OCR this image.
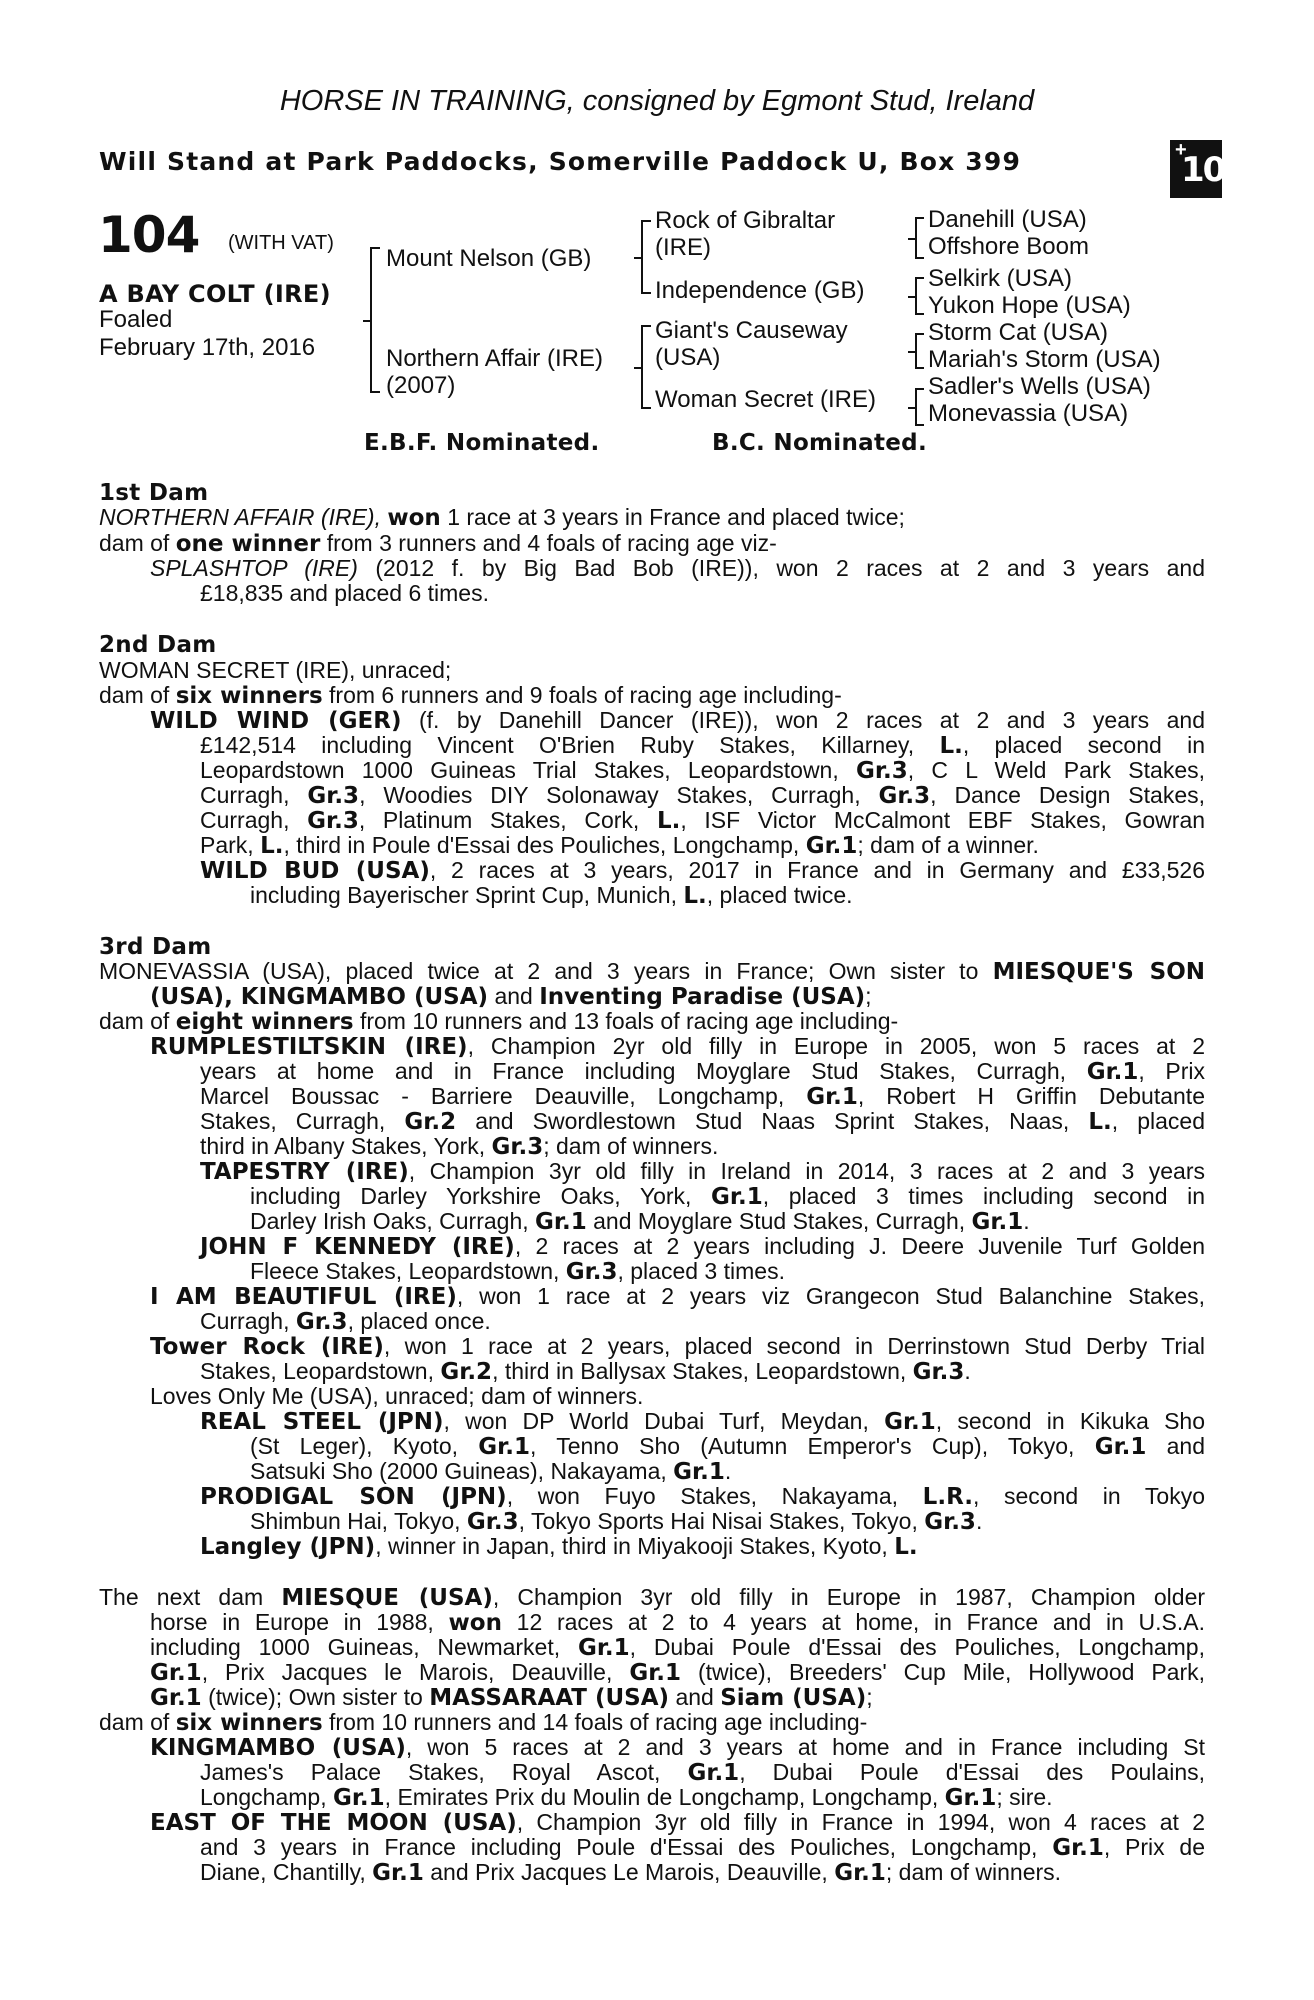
HORSE IN TRAINING, consigned by Egmont Stud, Ireland
Will Stand at Park Paddocks, Somerville Paddock U, Box 399	+
10
104 (WITH VAT)
A BAY COLT (IRE)
Foaled
February 17th, 2016
Mount Nelson (GB)
Northern Affair (IRE)
(2007)
Rock of Gibraltar
(IRE)
Independence (GB)
Giant's Causeway
(USA)
Woman Secret (IRE)
Danehill (USA)
Offshore Boom
Selkirk (USA)
Yukon Hope (USA)
Storm Cat (USA)
Mariah's Storm (USA)
Sadler's Wells (USA)
Monevassia (USA)
E.B.F. Nominated.	B.C. Nominated.
1st Dam
NORTHERN AFFAIR (IRE), won 1 race at 3 years in France and placed twice;
dam of one winner from 3 runners and 4 foals of racing age viz-
SPLASHTOP (IRE) (2012 f. by Big Bad Bob (IRE)), won 2 races at 2 and 3 years and
£18,835 and placed 6 times.
2nd Dam
WOMAN SECRET (IRE), unraced;
dam of six winners from 6 runners and 9 foals of racing age including-
WILD WIND (GER) (f. by Danehill Dancer (IRE)), won 2 races at 2 and 3 years and
£142,514 including Vincent O'Brien Ruby Stakes, Killarney, L., placed second in
Leopardstown 1000 Guineas Trial Stakes, Leopardstown, Gr.3, C L Weld Park Stakes,
Curragh, Gr.3, Woodies DIY Solonaway Stakes, Curragh, Gr.3, Dance Design Stakes,
Curragh, Gr.3, Platinum Stakes, Cork, L., ISF Victor McCalmont EBF Stakes, Gowran
Park, L., third in Poule d'Essai des Pouliches, Longchamp, Gr.1; dam of a winner.
WILD BUD (USA), 2 races at 3 years, 2017 in France and in Germany and £33,526
including Bayerischer Sprint Cup, Munich, L., placed twice.
3rd Dam
MONEVASSIA (USA), placed twice at 2 and 3 years in France; Own sister to MIESQUE'S SON
(USA), KINGMAMBO (USA) and Inventing Paradise (USA);
dam of eight winners from 10 runners and 13 foals of racing age including-
RUMPLESTILTSKIN (IRE), Champion 2yr old filly in Europe in 2005, won 5 races at 2
years at home and in France including Moyglare Stud Stakes, Curragh, Gr.1, Prix
Marcel Boussac - Barriere Deauville, Longchamp, Gr.1, Robert H Griffin Debutante
Stakes, Curragh, Gr.2 and Swordlestown Stud Naas Sprint Stakes, Naas, L., placed
third in Albany Stakes, York, Gr.3; dam of winners.
TAPESTRY (IRE), Champion 3yr old filly in Ireland in 2014, 3 races at 2 and 3 years
including Darley Yorkshire Oaks, York, Gr.1, placed 3 times including second in
Darley Irish Oaks, Curragh, Gr.1 and Moyglare Stud Stakes, Curragh, Gr.1.
JOHN F KENNEDY (IRE), 2 races at 2 years including J. Deere Juvenile Turf Golden
Fleece Stakes, Leopardstown, Gr.3, placed 3 times.
I AM BEAUTIFUL (IRE), won 1 race at 2 years viz Grangecon Stud Balanchine Stakes,
Curragh, Gr.3, placed once.
Tower Rock (IRE), won 1 race at 2 years, placed second in Derrinstown Stud Derby Trial
Stakes, Leopardstown, Gr.2, third in Ballysax Stakes, Leopardstown, Gr.3.
Loves Only Me (USA), unraced; dam of winners.
REAL STEEL (JPN), won DP World Dubai Turf, Meydan, Gr.1, second in Kikuka Sho
(St Leger), Kyoto, Gr.1, Tenno Sho (Autumn Emperor's Cup), Tokyo, Gr.1 and
Satsuki Sho (2000 Guineas), Nakayama, Gr.1.
PRODIGAL SON (JPN), won Fuyo Stakes, Nakayama, L.R., second in Tokyo
Shimbun Hai, Tokyo, Gr.3, Tokyo Sports Hai Nisai Stakes, Tokyo, Gr.3.
Langley (JPN), winner in Japan, third in Miyakooji Stakes, Kyoto, L.
The next dam MIESQUE (USA), Champion 3yr old filly in Europe in 1987, Champion older
horse in Europe in 1988, won 12 races at 2 to 4 years at home, in France and in U.S.A.
including 1000 Guineas, Newmarket, Gr.1, Dubai Poule d'Essai des Pouliches, Longchamp,
Gr.1, Prix Jacques le Marois, Deauville, Gr.1 (twice), Breeders' Cup Mile, Hollywood Park,
Gr.1 (twice); Own sister to MASSARAAT (USA) and Siam (USA);
dam of six winners from 10 runners and 14 foals of racing age including-
KINGMAMBO (USA), won 5 races at 2 and 3 years at home and in France including St
James's Palace Stakes, Royal Ascot, Gr.1, Dubai Poule d'Essai des Poulains,
Longchamp, Gr.1, Emirates Prix du Moulin de Longchamp, Longchamp, Gr.1; sire.
EAST OF THE MOON (USA), Champion 3yr old filly in France in 1994, won 4 races at 2
and 3 years in France including Poule d'Essai des Pouliches, Longchamp, Gr.1, Prix de
Diane, Chantilly, Gr.1 and Prix Jacques Le Marois, Deauville, Gr.1; dam of winners.
